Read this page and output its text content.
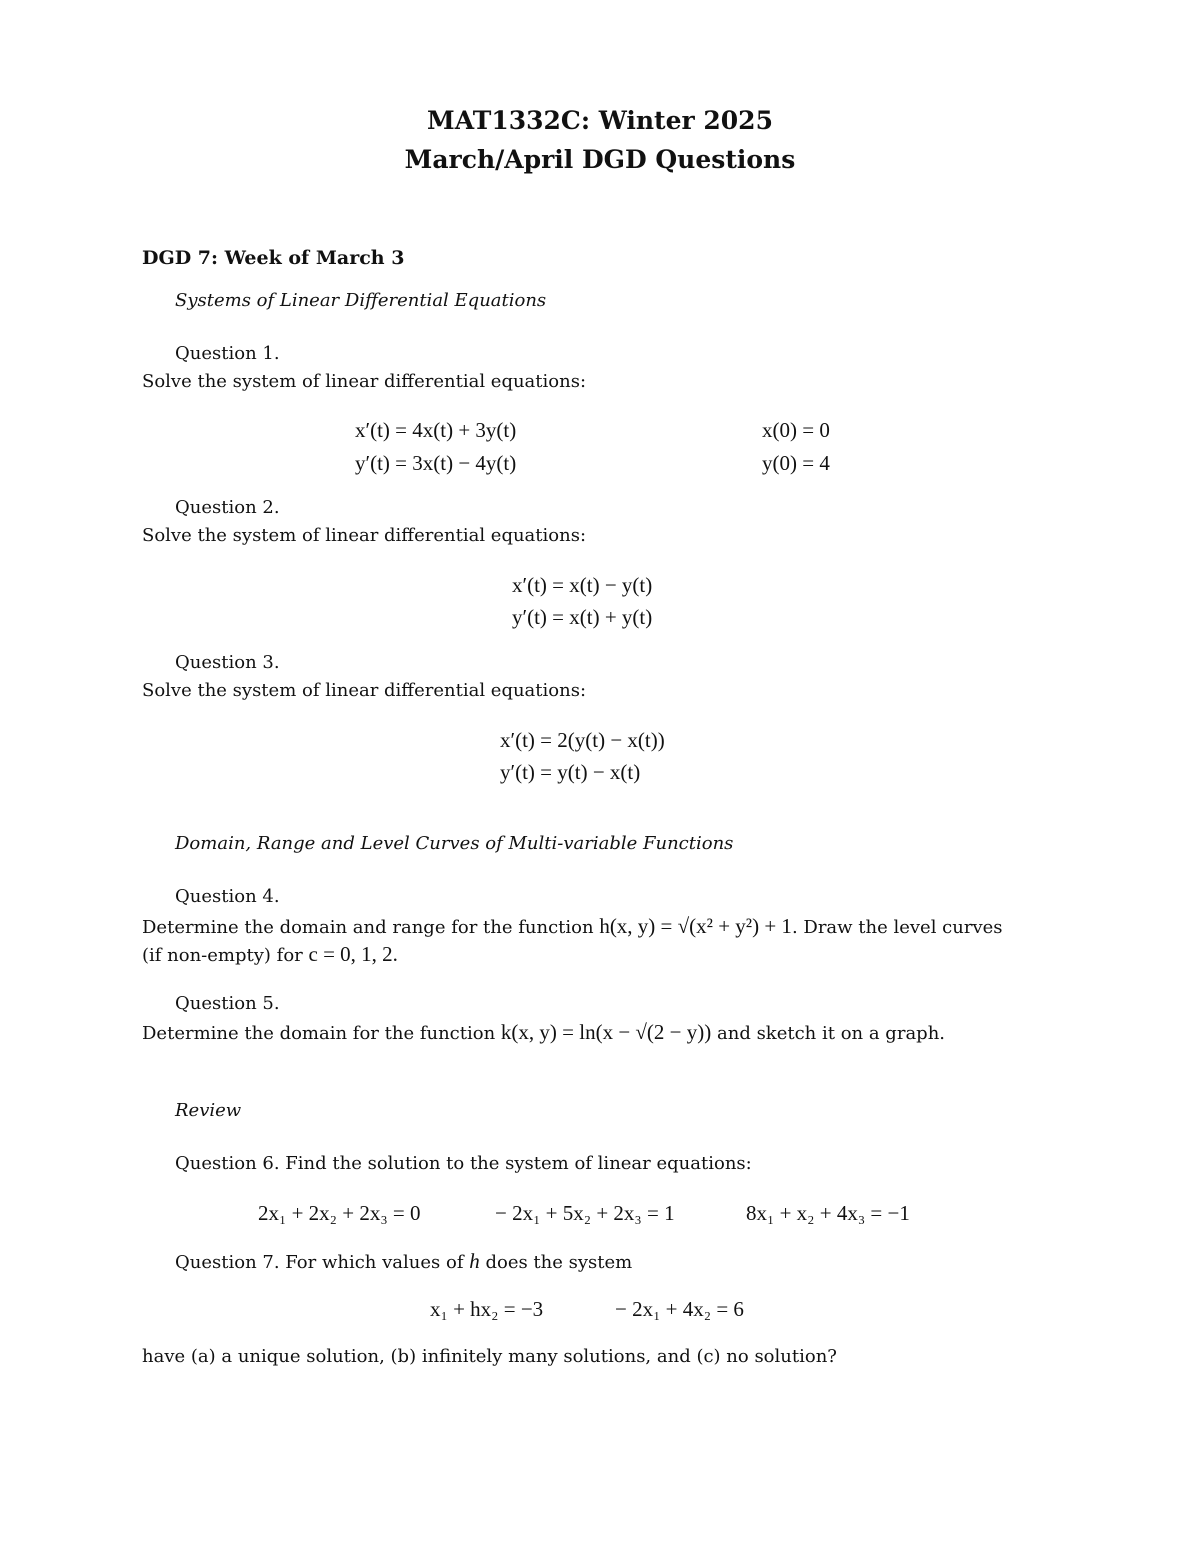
MAT1332C: Winter 2025
March/April DGD Questions
DGD 7: Week of March 3
Systems of Linear Differential Equations
Question 1.
Solve the system of linear differential equations:
x′(t) = 4x(t) + 3y(t)
y′(t) = 3x(t) − 4y(t)
x(0) = 0
y(0) = 4
Question 2.
Solve the system of linear differential equations:
x′(t) = x(t) − y(t)
y′(t) = x(t) + y(t)
Question 3.
Solve the system of linear differential equations:
x′(t) = 2(y(t) − x(t))
y′(t) = y(t) − x(t)
Domain, Range and Level Curves of Multi-variable Functions
Question 4.
Determine the domain and range for the function h(x, y) = √(x² + y²) + 1. Draw the level curves
(if non-empty) for c = 0, 1, 2.
Question 5.
Determine the domain for the function k(x, y) = ln(x − √(2 − y)) and sketch it on a graph.
Review
Question 6. Find the solution to the system of linear equations:
2x₁ + 2x₂ + 2x₃ = 0	− 2x₁ + 5x₂ + 2x₃ = 1	8x₁ + x₂ + 4x₃ = −1
Question 7. For which values of h does the system
x₁ + hx₂ = −3	− 2x₁ + 4x₂ = 6
have (a) a unique solution, (b) infinitely many solutions, and (c) no solution?
